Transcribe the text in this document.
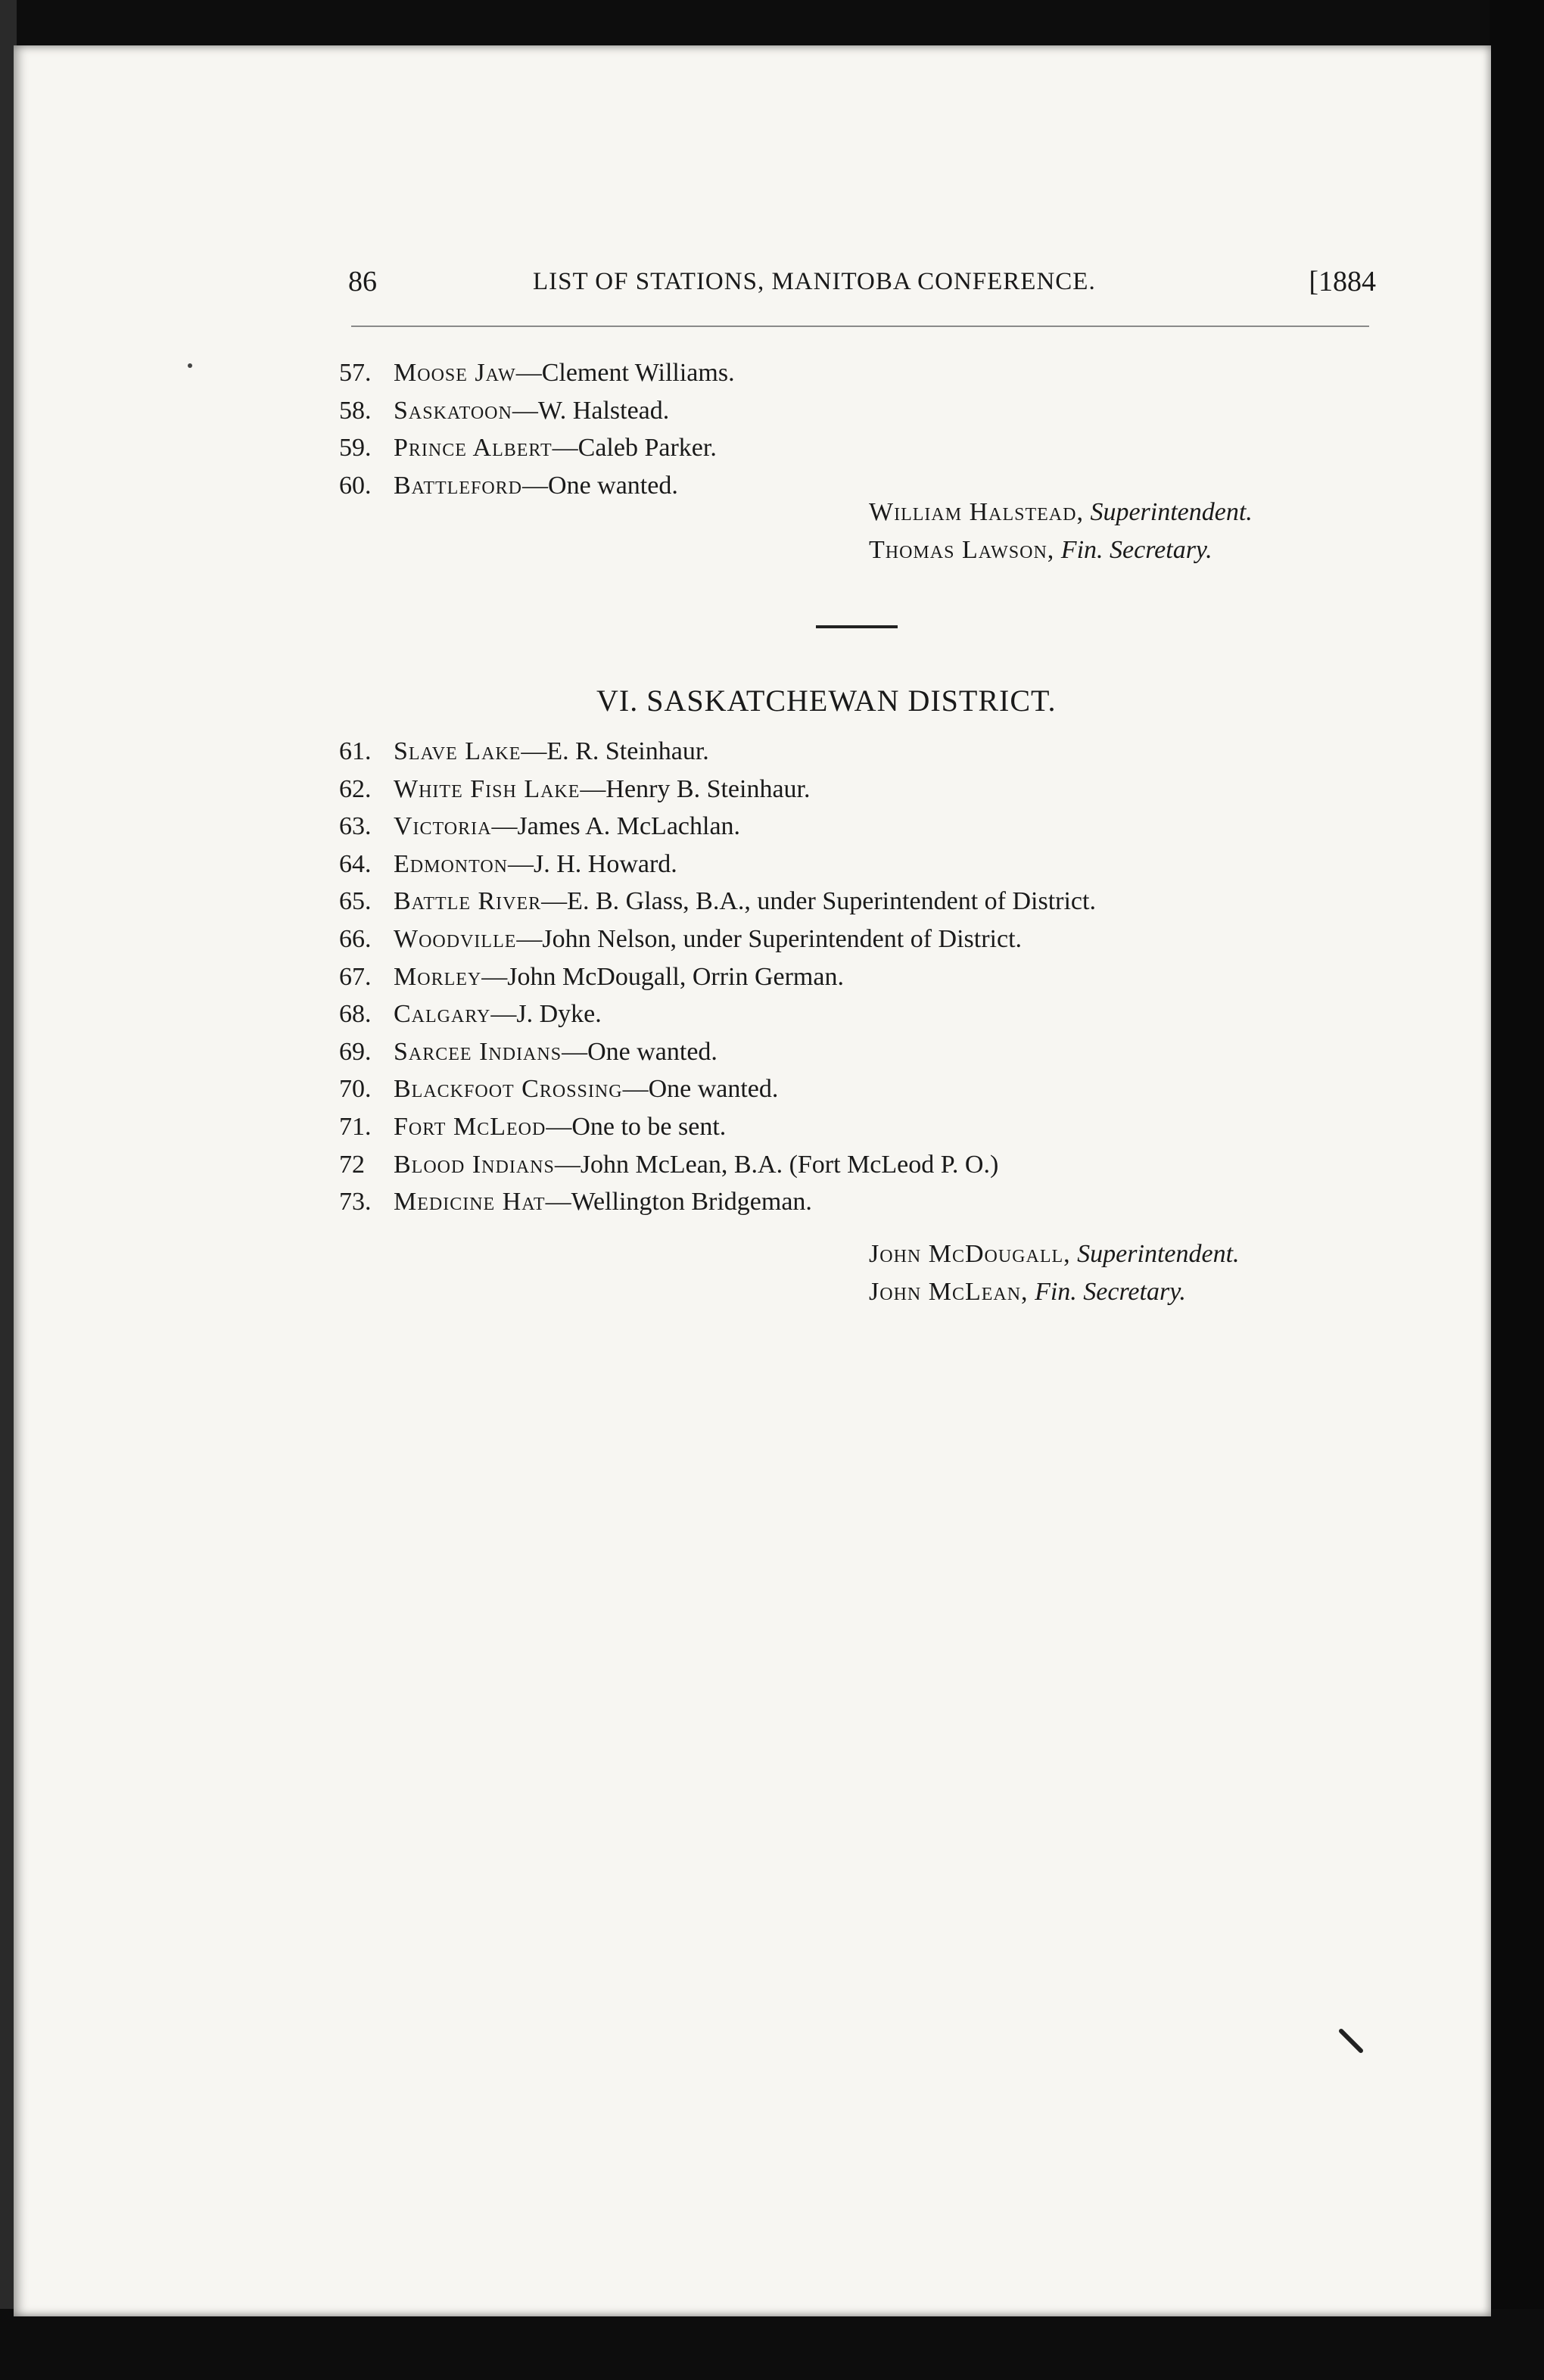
86	LIST OF STATIONS, MANITOBA CONFERENCE.	[1884
57. Moose Jaw—Clement Williams.
58. Saskatoon—W. Halstead.
59. Prince Albert—Caleb Parker.
60. Battleford—One wanted.
William Halstead, Superintendent.
Thomas Lawson, Fin. Secretary.
VI. SASKATCHEWAN DISTRICT.
61. Slave Lake—E. R. Steinhaur.
62. White Fish Lake—Henry B. Steinhaur.
63. Victoria—James A. McLachlan.
64. Edmonton—J. H. Howard.
65. Battle River—E. B. Glass, B.A., under Superintendent of District.
66. Woodville—John Nelson, under Superintendent of District.
67. Morley—John McDougall, Orrin German.
68. Calgary—J. Dyke.
69. Sarcee Indians—One wanted.
70. Blackfoot Crossing—One wanted.
71. Fort McLeod—One to be sent.
72 Blood Indians—John McLean, B.A. (Fort McLeod P. O.)
73. Medicine Hat—Wellington Bridgeman.
John McDougall, Superintendent.
John McLean, Fin. Secretary.
